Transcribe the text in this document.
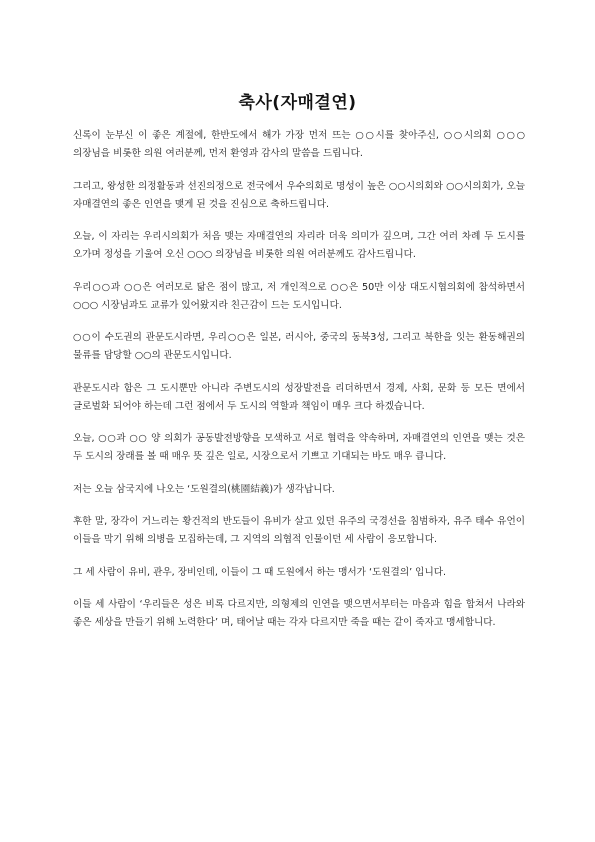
축사(자매결연)

신록이 눈부신 이 좋은 계절에, 한반도에서 해가 가장 먼저 뜨는 ○○시를 찾아주신, ○○시의회 ○○○ 의장님을 비롯한 의원 여러분께, 먼저 환영과 감사의 말씀을 드립니다.

그리고, 왕성한 의정활동과 선진의정으로 전국에서 우수의회로 명성이 높은 ○○시의회와 ○○시의회가, 오늘 자매결연의 좋은 인연을 맺게 된 것을 진심으로 축하드립니다.

오늘, 이 자리는 우리시의회가 처음 맺는 자매결연의 자리라 더욱 의미가 깊으며, 그간 여러 차례 두 도시를 오가며 정성을 기울여 오신 ○○○ 의장님을 비롯한 의원 여러분께도 감사드립니다.

우리○○과 ○○은 여러모로 닮은 점이 많고, 저 개인적으로 ○○은 50만 이상 대도시협의회에 참석하면서 ○○○ 시장님과도 교류가 있어왔지라 친근감이 드는 도시입니다.

○○이 수도권의 관문도시라면, 우리○○은 일본, 러시아, 중국의 동북3성, 그리고 북한을 잇는 환동해권의 물류를 담당할 ○○의 관문도시입니다.

관문도시라 함은 그 도시뿐만 아니라 주변도시의 성장발전을 리더하면서 경제, 사회, 문화 등 모든 면에서 글로벌화 되어야 하는데 그런 점에서 두 도시의 역할과 책임이 매우 크다 하겠습니다.

오늘, ○○과 ○○ 양 의회가 공동발전방향을 모색하고 서로 협력을 약속하며, 자매결연의 인연을 맺는 것은 두 도시의 장래를 볼 때 매우 뜻 깊은 일로, 시장으로서 기쁘고 기대되는 바도 매우 큽니다.

저는 오늘 삼국지에 나오는 ‘도원결의(桃園結義)가 생각납니다.

후한 말, 장각이 거느리는 황건적의 반도들이 유비가 살고 있던 유주의 국경선을 침범하자, 유주 태수 유언이 이들을 막기 위해 의병을 모집하는데, 그 지역의 의협적 인물이던 세 사람이 응모합니다.

그 세 사람이 유비, 관우, 장비인데, 이들이 그 때 도원에서 하는 맹서가 ‘도원결의’ 입니다.

이들 세 사람이 ‘우리들은 성은 비록 다르지만, 의형제의 인연을 맺으면서부터는 마음과 힘을 합쳐서 나라와 좋은 세상을 만들기 위해 노력한다’ 며, 태어날 때는 각자 다르지만 죽을 때는 같이 죽자고 맹세합니다.
